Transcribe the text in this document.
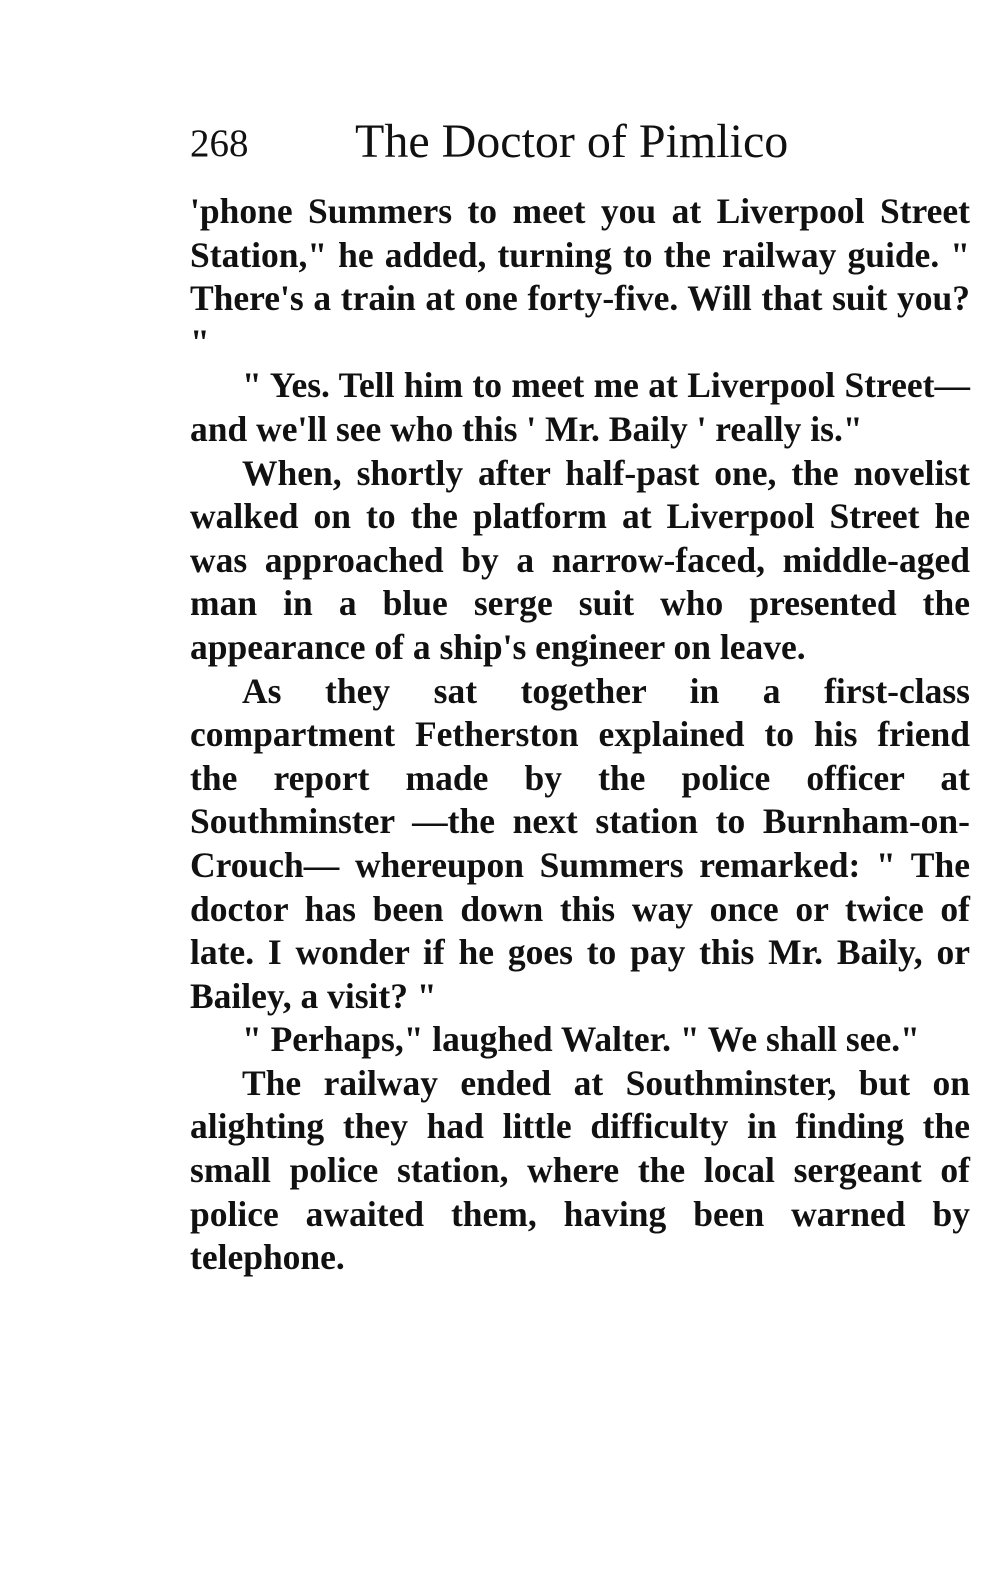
268 The Doctor of Pimlico

'phone Summers to meet you at Liverpool Street Station," he added, turning to the railway guide. " There's a train at one forty-five. Will that suit you? "

" Yes. Tell him to meet me at Liverpool Street—and we'll see who this ' Mr. Baily ' really is."

When, shortly after half-past one, the novelist walked on to the platform at Liverpool Street he was approached by a narrow-faced, middle-aged man in a blue serge suit who presented the appearance of a ship's engineer on leave.

As they sat together in a first-class compartment Fetherston explained to his friend the report made by the police officer at Southminster —the next station to Burnham-on-Crouch— whereupon Summers remarked: " The doctor has been down this way once or twice of late. I wonder if he goes to pay this Mr. Baily, or Bailey, a visit? "

" Perhaps," laughed Walter. " We shall see."

The railway ended at Southminster, but on alighting they had little difficulty in finding the small police station, where the local sergeant of police awaited them, having been warned by telephone.
